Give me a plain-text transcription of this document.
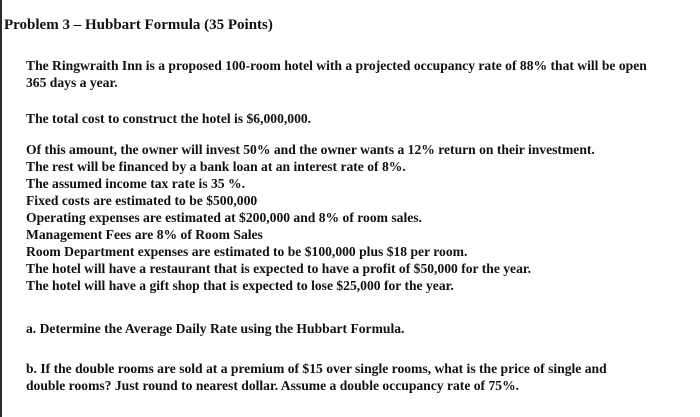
Problem 3 – Hubbart Formula (35 Points)
The Ringwraith Inn is a proposed 100-room hotel with a projected occupancy rate of 88% that will be open
365 days a year.
The total cost to construct the hotel is $6,000,000.
Of this amount, the owner will invest 50% and the owner wants a 12% return on their investment.
The rest will be financed by a bank loan at an interest rate of 8%.
The assumed income tax rate is 35 %.
Fixed costs are estimated to be $500,000
Operating expenses are estimated at $200,000 and 8% of room sales.
Management Fees are 8% of Room Sales
Room Department expenses are estimated to be $100,000 plus $18 per room.
The hotel will have a restaurant that is expected to have a profit of $50,000 for the year.
The hotel will have a gift shop that is expected to lose $25,000 for the year.
a. Determine the Average Daily Rate using the Hubbart Formula.
b. If the double rooms are sold at a premium of $15 over single rooms, what is the price of single and
double rooms? Just round to nearest dollar. Assume a double occupancy rate of 75%.
